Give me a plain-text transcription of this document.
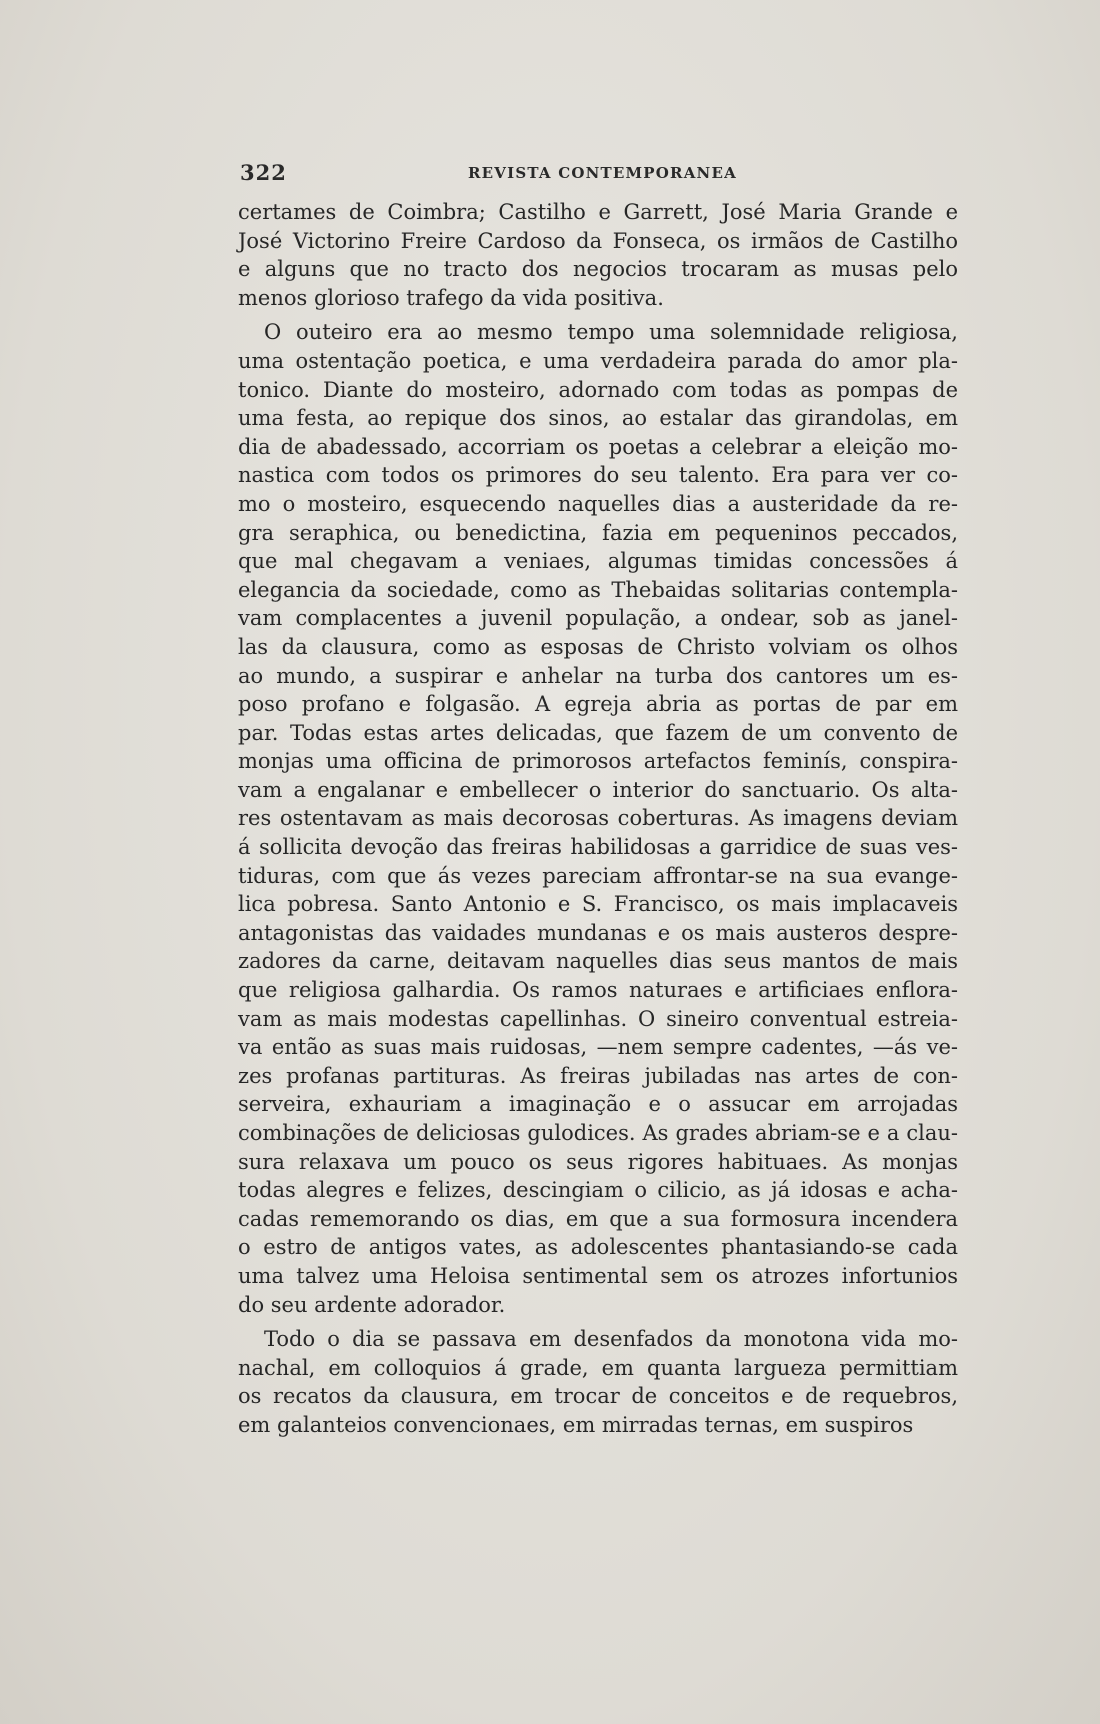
322	REVISTA CONTEMPORANEA
certames de Coimbra; Castilho e Garrett, José Maria Grande e
José Victorino Freire Cardoso da Fonseca, os irmãos de Castilho
e alguns que no tracto dos negocios trocaram as musas pelo
menos glorioso trafego da vida positiva.
O outeiro era ao mesmo tempo uma solemnidade religiosa,
uma ostentação poetica, e uma verdadeira parada do amor pla-
tonico. Diante do mosteiro, adornado com todas as pompas de
uma festa, ao repique dos sinos, ao estalar das girandolas, em
dia de abadessado, accorriam os poetas a celebrar a eleição mo-
nastica com todos os primores do seu talento. Era para ver co-
mo o mosteiro, esquecendo naquelles dias a austeridade da re-
gra seraphica, ou benedictina, fazia em pequeninos peccados,
que mal chegavam a veniaes, algumas timidas concessões á
elegancia da sociedade, como as Thebaidas solitarias contempla-
vam complacentes a juvenil população, a ondear, sob as janel-
las da clausura, como as esposas de Christo volviam os olhos
ao mundo, a suspirar e anhelar na turba dos cantores um es-
poso profano e folgasão. A egreja abria as portas de par em
par. Todas estas artes delicadas, que fazem de um convento de
monjas uma officina de primorosos artefactos feminís, conspira-
vam a engalanar e embellecer o interior do sanctuario. Os alta-
res ostentavam as mais decorosas coberturas. As imagens deviam
á sollicita devoção das freiras habilidosas a garridice de suas ves-
tiduras, com que ás vezes pareciam affrontar-se na sua evange-
lica pobresa. Santo Antonio e S. Francisco, os mais implacaveis
antagonistas das vaidades mundanas e os mais austeros despre-
zadores da carne, deitavam naquelles dias seus mantos de mais
que religiosa galhardia. Os ramos naturaes e artificiaes enflora-
vam as mais modestas capellinhas. O sineiro conventual estreia-
va então as suas mais ruidosas, —nem sempre cadentes, —ás ve-
zes profanas partituras. As freiras jubiladas nas artes de con-
serveira, exhauriam a imaginação e o assucar em arrojadas
combinações de deliciosas gulodices. As grades abriam-se e a clau-
sura relaxava um pouco os seus rigores habituaes. As monjas
todas alegres e felizes, descingiam o cilicio, as já idosas e acha-
cadas rememorando os dias, em que a sua formosura incendera
o estro de antigos vates, as adolescentes phantasiando-se cada
uma talvez uma Heloisa sentimental sem os atrozes infortunios
do seu ardente adorador.
Todo o dia se passava em desenfados da monotona vida mo-
nachal, em colloquios á grade, em quanta largueza permittiam
os recatos da clausura, em trocar de conceitos e de requebros,
em galanteios convencionaes, em mirradas ternas, em suspiros
